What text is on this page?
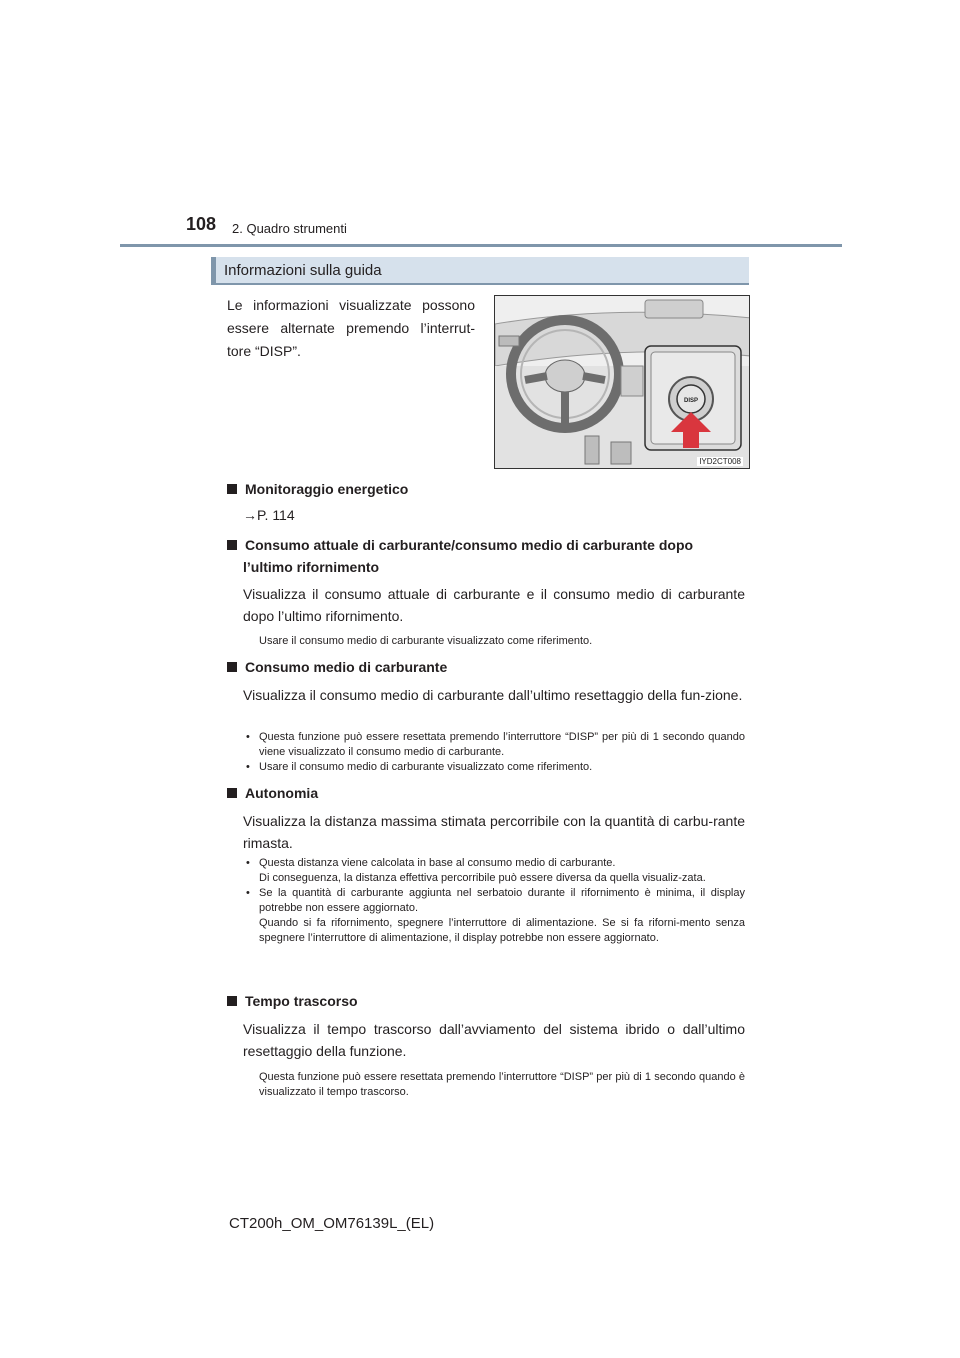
108 2. Quadro strumenti
Informazioni sulla guida
Le informazioni visualizzate possono essere alternate premendo l’interrut-tore “DISP”.
DISP
IYD2CT008
Monitoraggio energetico
→P. 114
Consumo attuale di carburante/consumo medio di carburante dopo
l’ultimo rifornimento
Visualizza il consumo attuale di carburante e il consumo medio di carburante dopo l’ultimo rifornimento.
Usare il consumo medio di carburante visualizzato come riferimento.
Consumo medio di carburante
Visualizza il consumo medio di carburante dall’ultimo resettaggio della fun-zione.
• Questa funzione può essere resettata premendo l’interruttore “DISP” per più di 1 secondo quando viene visualizzato il consumo medio di carburante.
• Usare il consumo medio di carburante visualizzato come riferimento.
Autonomia
Visualizza la distanza massima stimata percorribile con la quantità di carbu-rante rimasta.
• Questa distanza viene calcolata in base al consumo medio di carburante.
Di conseguenza, la distanza effettiva percorribile può essere diversa da quella visualiz-zata.
• Se la quantità di carburante aggiunta nel serbatoio durante il rifornimento è minima, il display potrebbe non essere aggiornato.
Quando si fa rifornimento, spegnere l’interruttore di alimentazione. Se si fa riforni-mento senza spegnere l’interruttore di alimentazione, il display potrebbe non essere aggiornato.
Tempo trascorso
Visualizza il tempo trascorso dall’avviamento del sistema ibrido o dall’ultimo resettaggio della funzione.
Questa funzione può essere resettata premendo l’interruttore “DISP” per più di 1 secondo quando è visualizzato il tempo trascorso.
CT200h_OM_OM76139L_(EL)
